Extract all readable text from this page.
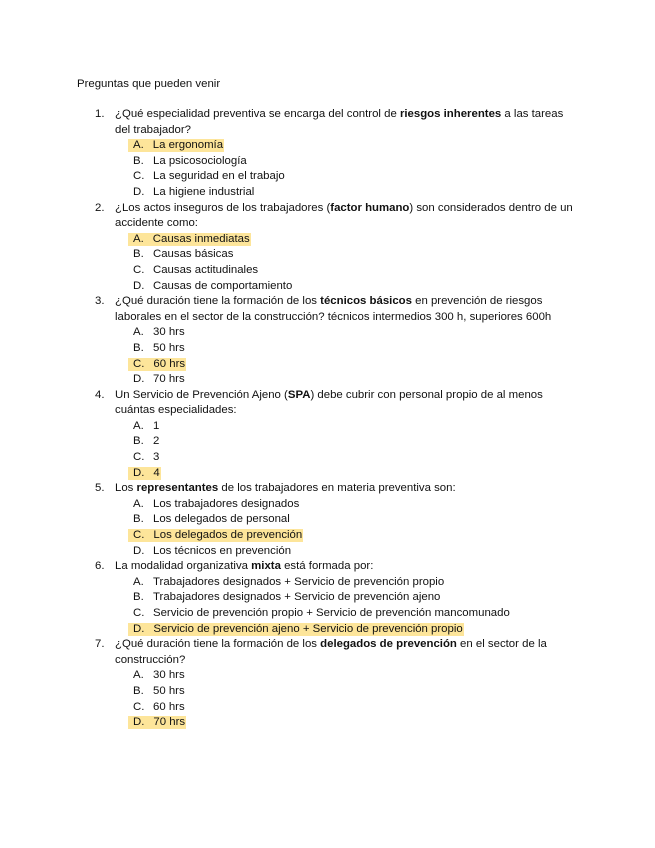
Preguntas que pueden venir
1. ¿Qué especialidad preventiva se encarga del control de riesgos inherentes a las tareas del trabajador?
A. La ergonomía
B. La psicosociología
C. La seguridad en el trabajo
D. La higiene industrial
2. ¿Los actos inseguros de los trabajadores (factor humano) son considerados dentro de un accidente como:
A. Causas inmediatas
B. Causas básicas
C. Causas actitudinales
D. Causas de comportamiento
3. ¿Qué duración tiene la formación de los técnicos básicos en prevención de riesgos laborales en el sector de la construcción? técnicos intermedios 300 h, superiores 600h
A. 30 hrs
B. 50 hrs
C. 60 hrs
D. 70 hrs
4. Un Servicio de Prevención Ajeno (SPA) debe cubrir con personal propio de al menos cuántas especialidades:
A. 1
B. 2
C. 3
D. 4
5. Los representantes de los trabajadores en materia preventiva son:
A. Los trabajadores designados
B. Los delegados de personal
C. Los delegados de prevención
D. Los técnicos en prevención
6. La modalidad organizativa mixta está formada por:
A. Trabajadores designados + Servicio de prevención propio
B. Trabajadores designados + Servicio de prevención ajeno
C. Servicio de prevención propio + Servicio de prevención mancomunado
D. Servicio de prevención ajeno + Servicio de prevención propio
7. ¿Qué duración tiene la formación de los delegados de prevención en el sector de la construcción?
A. 30 hrs
B. 50 hrs
C. 60 hrs
D. 70 hrs
